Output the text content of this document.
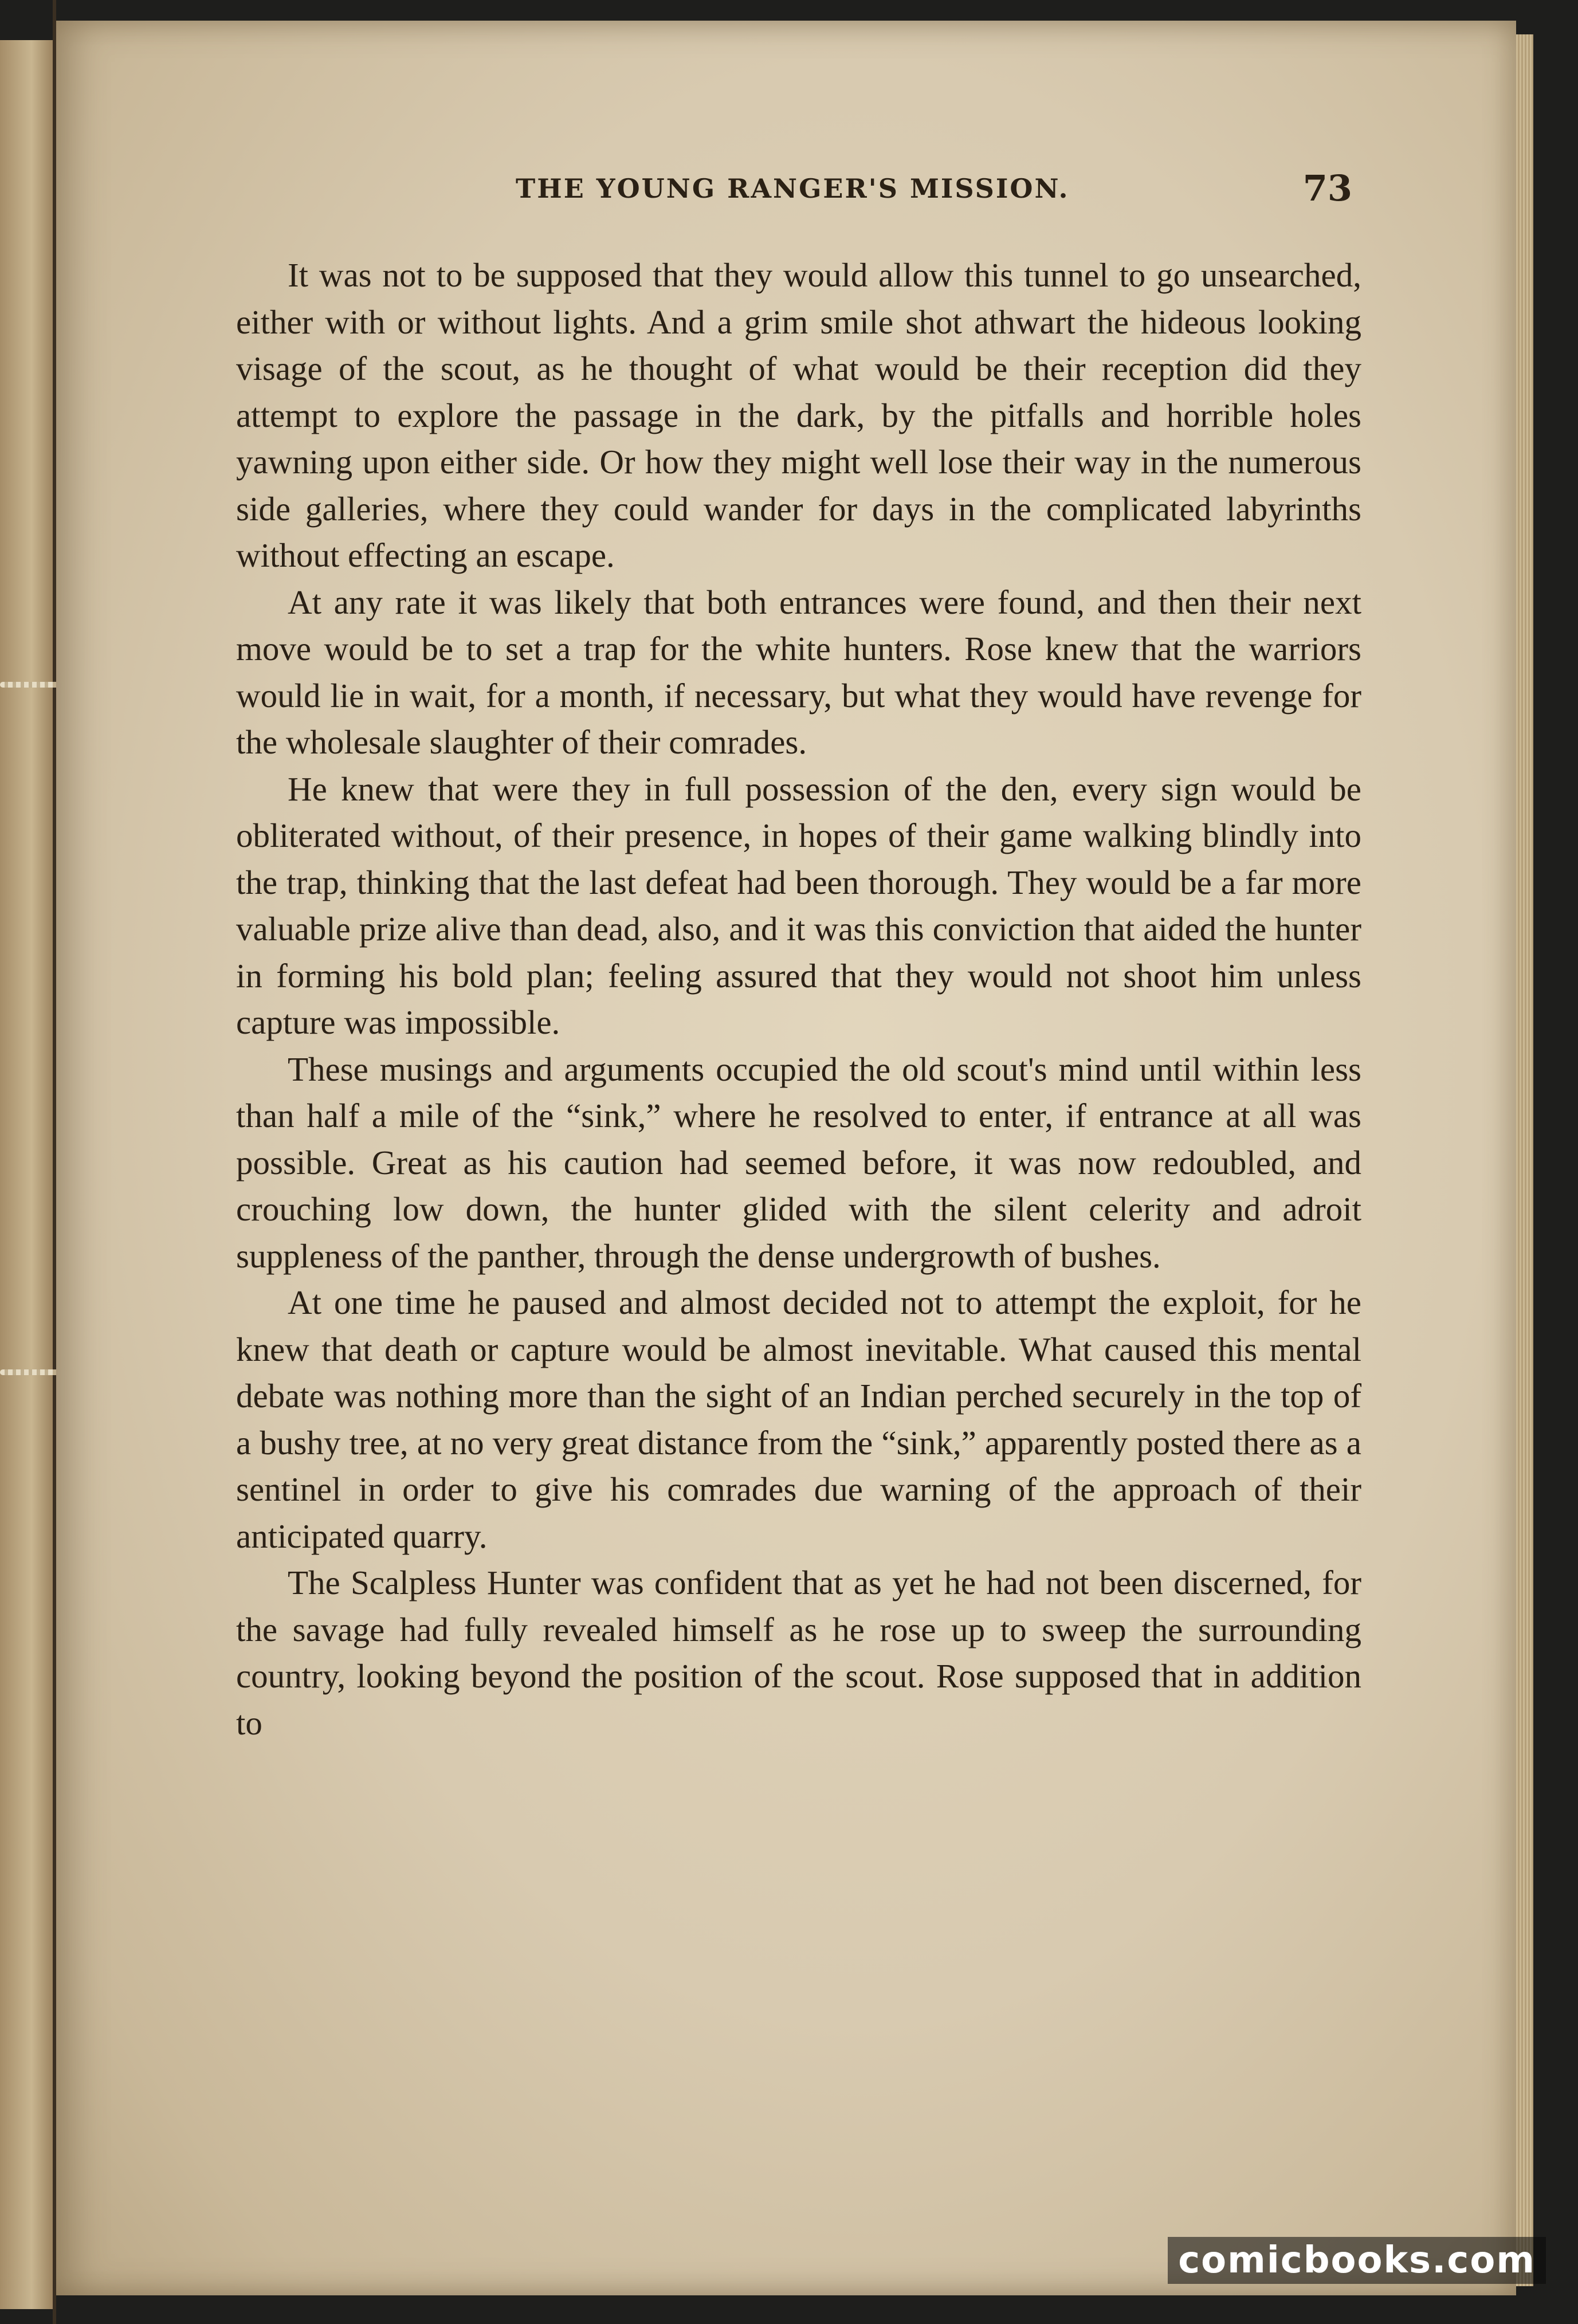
THE YOUNG RANGER'S MISSION.	73

It was not to be supposed that they would allow this tunnel to go unsearched, either with or without lights. And a grim smile shot athwart the hideous looking visage of the scout, as he thought of what would be their reception did they attempt to explore the passage in the dark, by the pitfalls and horrible holes yawning upon either side. Or how they might well lose their way in the numerous side galleries, where they could wander for days in the complicated labyrinths without effecting an escape.

At any rate it was likely that both entrances were found, and then their next move would be to set a trap for the white hunters. Rose knew that the warriors would lie in wait, for a month, if necessary, but what they would have revenge for the wholesale slaughter of their comrades.

He knew that were they in full possession of the den, every sign would be obliterated without, of their presence, in hopes of their game walking blindly into the trap, thinking that the last defeat had been thorough. They would be a far more valuable prize alive than dead, also, and it was this conviction that aided the hunter in forming his bold plan; feeling assured that they would not shoot him unless capture was impossible.

These musings and arguments occupied the old scout's mind until within less than half a mile of the “sink,” where he resolved to enter, if entrance at all was possible. Great as his caution had seemed before, it was now redoubled, and crouching low down, the hunter glided with the silent celerity and adroit suppleness of the panther, through the dense undergrowth of bushes.

At one time he paused and almost decided not to attempt the exploit, for he knew that death or capture would be almost inevitable. What caused this mental debate was nothing more than the sight of an Indian perched securely in the top of a bushy tree, at no very great distance from the “sink,” apparently posted there as a sentinel in order to give his comrades due warning of the approach of their anticipated quarry.

The Scalpless Hunter was confident that as yet he had not been discerned, for the savage had fully revealed himself as he rose up to sweep the surrounding country, looking beyond the position of the scout. Rose supposed that in addition to

comicbooks.com
